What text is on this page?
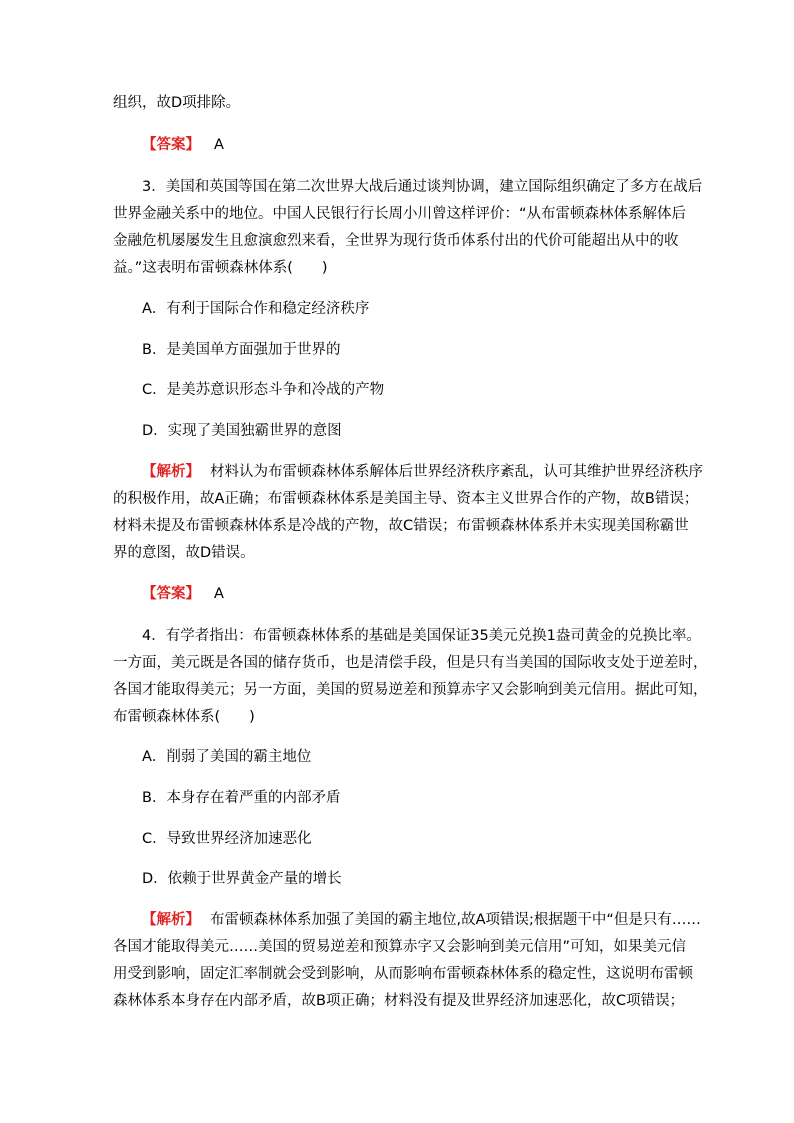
组织，故D项排除。
【答案】 A
3．美国和英国等国在第二次世界大战后通过谈判协调，建立国际组织确定了多方在战后
世界金融关系中的地位。中国人民银行行长周小川曾这样评价：“从布雷顿森林体系解体后
金融危机屡屡发生且愈演愈烈来看，全世界为现行货币体系付出的代价可能超出从中的收
益。”这表明布雷顿森林体系(　　)
A．有利于国际合作和稳定经济秩序
B．是美国单方面强加于世界的
C．是美苏意识形态斗争和冷战的产物
D．实现了美国独霸世界的意图
【解析】 材料认为布雷顿森林体系解体后世界经济秩序紊乱，认可其维护世界经济秩序
的积极作用，故A正确；布雷顿森林体系是美国主导、资本主义世界合作的产物，故B错误；
材料未提及布雷顿森林体系是冷战的产物，故C错误；布雷顿森林体系并未实现美国称霸世
界的意图，故D错误。
【答案】 A
4．有学者指出：布雷顿森林体系的基础是美国保证35美元兑换1盎司黄金的兑换比率。
一方面，美元既是各国的储存货币，也是清偿手段，但是只有当美国的国际收支处于逆差时，
各国才能取得美元；另一方面，美国的贸易逆差和预算赤字又会影响到美元信用。据此可知，
布雷顿森林体系(　　)
A．削弱了美国的霸主地位
B．本身存在着严重的内部矛盾
C．导致世界经济加速恶化
D．依赖于世界黄金产量的增长
【解析】 布雷顿森林体系加强了美国的霸主地位,故A项错误;根据题干中“但是只有……
各国才能取得美元……美国的贸易逆差和预算赤字又会影响到美元信用”可知，如果美元信
用受到影响，固定汇率制就会受到影响，从而影响布雷顿森林体系的稳定性，这说明布雷顿
森林体系本身存在内部矛盾，故B项正确；材料没有提及世界经济加速恶化，故C项错误；
